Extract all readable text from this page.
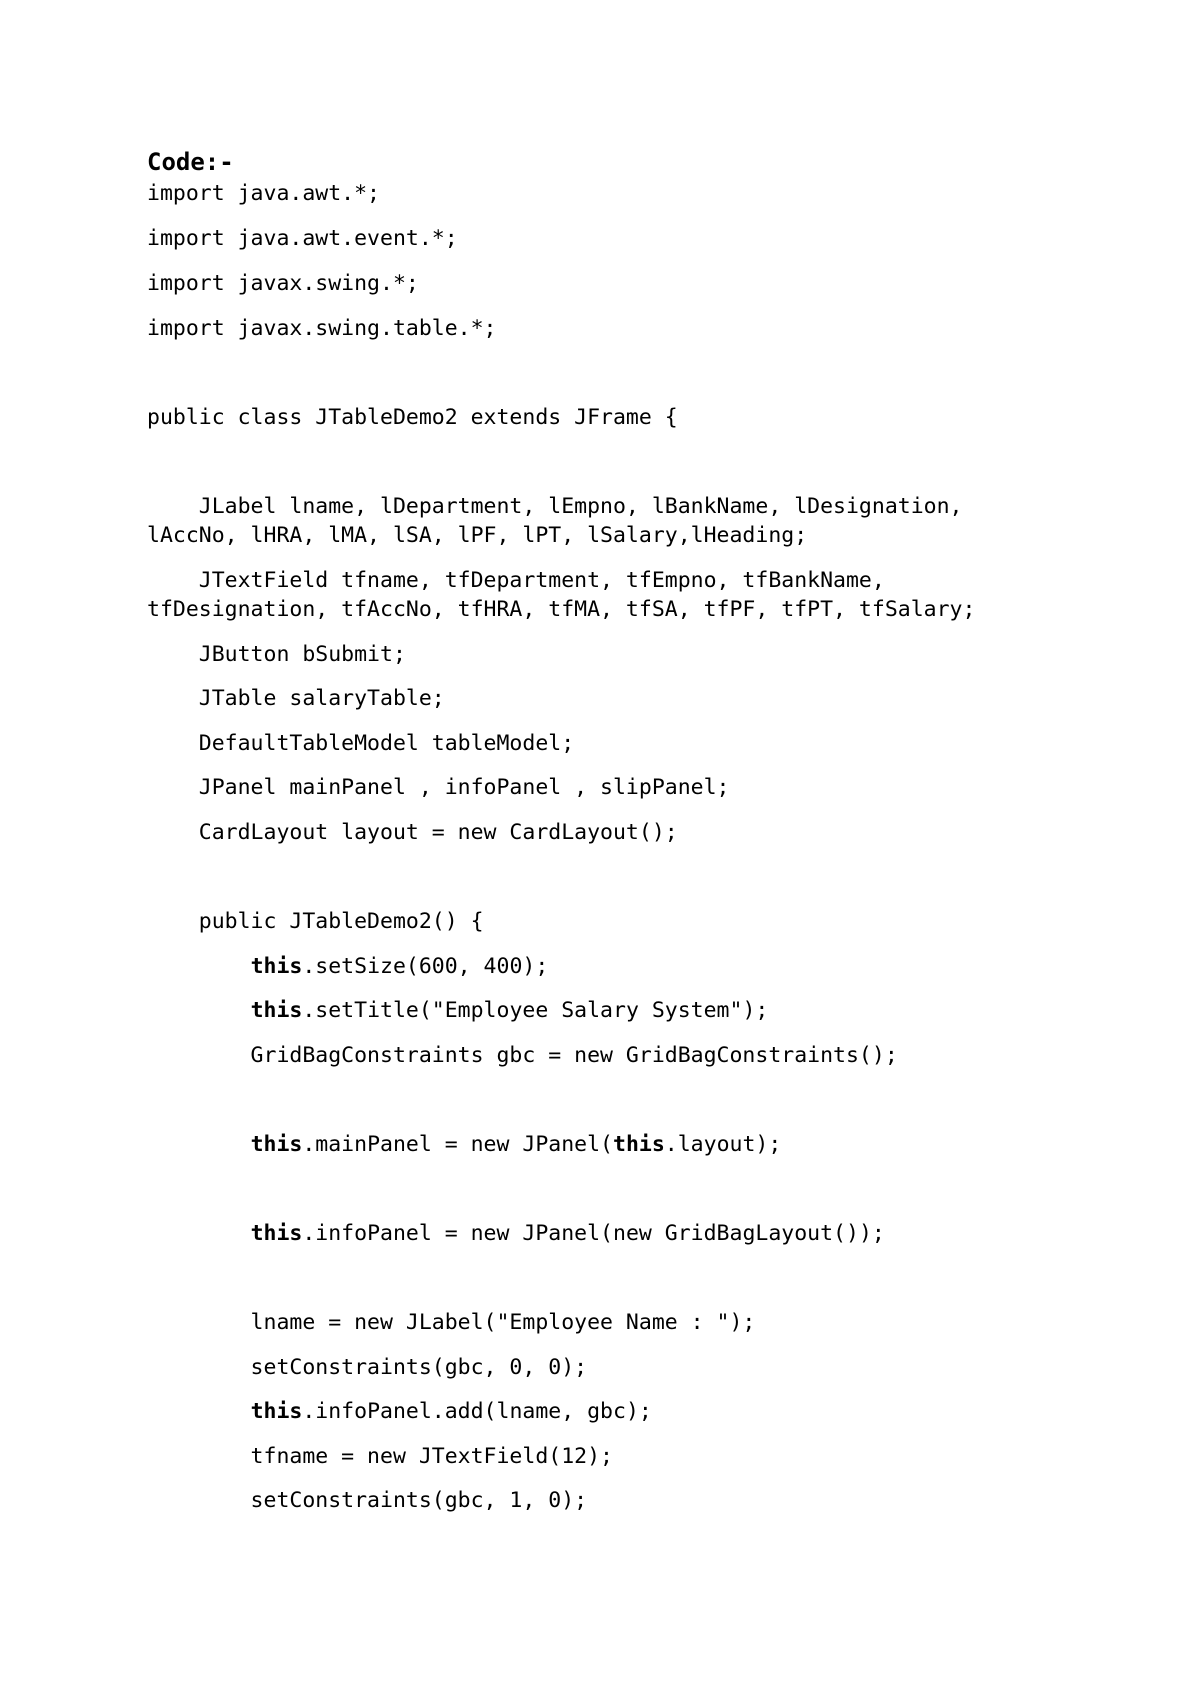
Code:-

import java.awt.*;

import java.awt.event.*;

import javax.swing.*;

import javax.swing.table.*;

public class JTableDemo2 extends JFrame {

JLabel lname, lDepartment, lEmpno, lBankName, lDesignation,

lAccNo, lHRA, lMA, lSA, lPF, lPT, lSalary,lHeading;

JTextField tfname, tfDepartment, tfEmpno, tfBankName,

tfDesignation, tfAccNo, tfHRA, tfMA, tfSA, tfPF, tfPT, tfSalary;

JButton bSubmit;

JTable salaryTable;

DefaultTableModel tableModel;

JPanel mainPanel , infoPanel , slipPanel;

CardLayout layout = new CardLayout();

public JTableDemo2() {

this.setSize(600, 400);

this.setTitle("Employee Salary System");

GridBagConstraints gbc = new GridBagConstraints();

this.mainPanel = new JPanel(this.layout);

this.infoPanel = new JPanel(new GridBagLayout());

lname = new JLabel("Employee Name : ");

setConstraints(gbc, 0, 0);

this.infoPanel.add(lname, gbc);

tfname = new JTextField(12);

setConstraints(gbc, 1, 0);
